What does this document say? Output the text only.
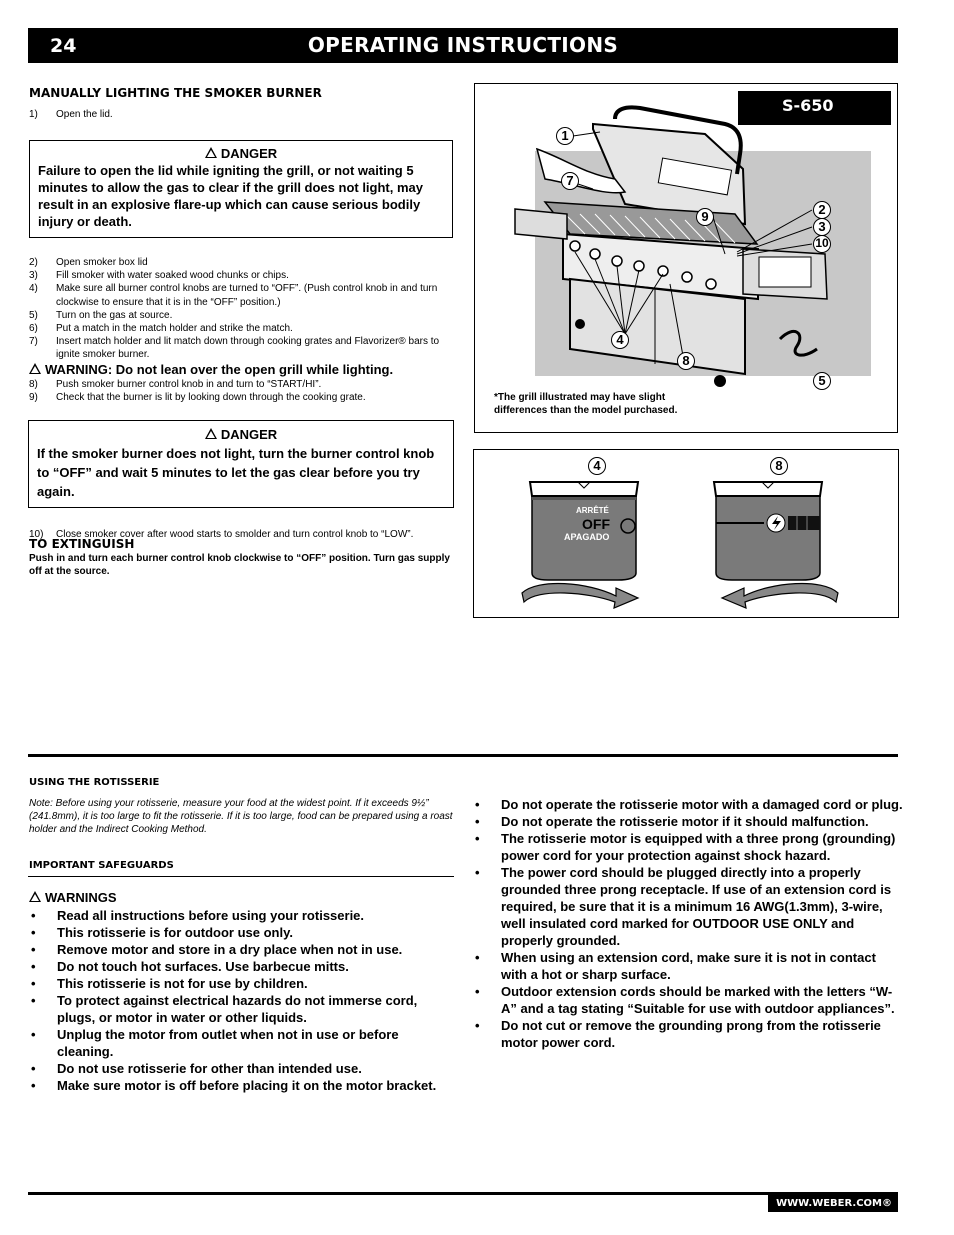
24	OPERATING INSTRUCTIONS
MANUALLY LIGHTING THE SMOKER BURNER
1) Open the lid.
DANGER
Failure to open the lid while igniting the grill, or not waiting 5 minutes to allow the gas to clear if the grill does not light, may result in an explosive flare-up which can cause serious bodily injury or death.
2) Open smoker box lid
3) Fill smoker with water soaked wood chunks or chips.
4) Make sure all burner control knobs are turned to “OFF”. (Push control knob in and turn clockwise to ensure that it is in the “OFF” position.)
5) Turn on the gas at source.
6) Put a match in the match holder and strike the match.
7) Insert match holder and lit match down through cooking grates and Flavorizer® bars to ignite smoker burner.
WARNING: Do not lean over the open grill while lighting.
8) Push smoker burner control knob in and turn to “START/HI”.
9) Check that the burner is lit by looking down through the cooking grate.
DANGER
If the smoker burner does not light, turn the burner control knob to “OFF” and wait 5 minutes to let the gas clear before you try again.
10) Close smoker cover after wood starts to smolder and turn control knob to “LOW”.
TO EXTINGUISH
Push in and turn each burner control knob clockwise to “OFF” position. Turn gas supply off at the source.
S-650
1
7
9	2
3
10
4
8
5
*The grill illustrated may have slight differences than the model purchased.
4	8
ARRÊTÉ
OFF
APAGADO
USING THE ROTISSERIE
Note: Before using your rotisserie, measure your food at the widest point. If it exceeds 9½” (241.8mm), it is too large to fit the rotisserie. If it is too large, food can be prepared using a roast holder and the Indirect Cooking Method.
IMPORTANT SAFEGUARDS
WARNINGS
• Read all instructions before using your rotisserie.
• This rotisserie is for outdoor use only.
• Remove motor and store in a dry place when not in use.
• Do not touch hot surfaces. Use barbecue mitts.
• This rotisserie is not for use by children.
• To protect against electrical hazards do not immerse cord, plugs, or motor in water or other liquids.
• Unplug the motor from outlet when not in use or before cleaning.
• Do not use rotisserie for other than intended use.
• Make sure motor is off before placing it on the motor bracket.
• Do not operate the rotisserie motor with a damaged cord or plug.
• Do not operate the rotisserie motor if it should malfunction.
• The rotisserie motor is equipped with a three prong (grounding) power cord for your protection against shock hazard.
• The power cord should be plugged directly into a properly grounded three prong receptacle. If use of an extension cord is required, be sure that it is a minimum 16 AWG(1.3mm), 3-wire, well insulated cord marked for OUTDOOR USE ONLY and properly grounded.
• When using an extension cord, make sure it is not in contact with a hot or sharp surface.
• Outdoor extension cords should be marked with the letters “W-A” and a tag stating “Suitable for use with outdoor appliances”.
• Do not cut or remove the grounding prong from the rotisserie motor power cord.
WWW.WEBER.COM®
